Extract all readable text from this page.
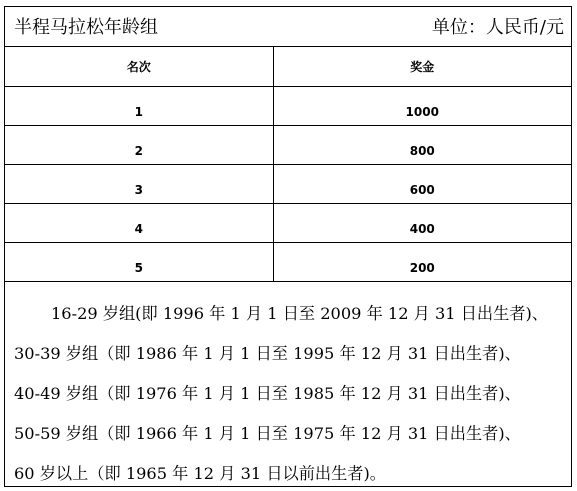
半程马拉松年龄组	单位：人民币/元
名次	奖金
1	1000
2	800
3	600
4	400
5	200
16-29 岁组(即 1996 年 1 月 1 日至 2009 年 12 月 31 日出生者)、
30-39 岁组（即 1986 年 1 月 1 日至 1995 年 12 月 31 日出生者)、
40-49 岁组（即 1976 年 1 月 1 日至 1985 年 12 月 31 日出生者)、
50-59 岁组（即 1966 年 1 月 1 日至 1975 年 12 月 31 日出生者)、
60 岁以上（即 1965 年 12 月 31 日以前出生者)。
